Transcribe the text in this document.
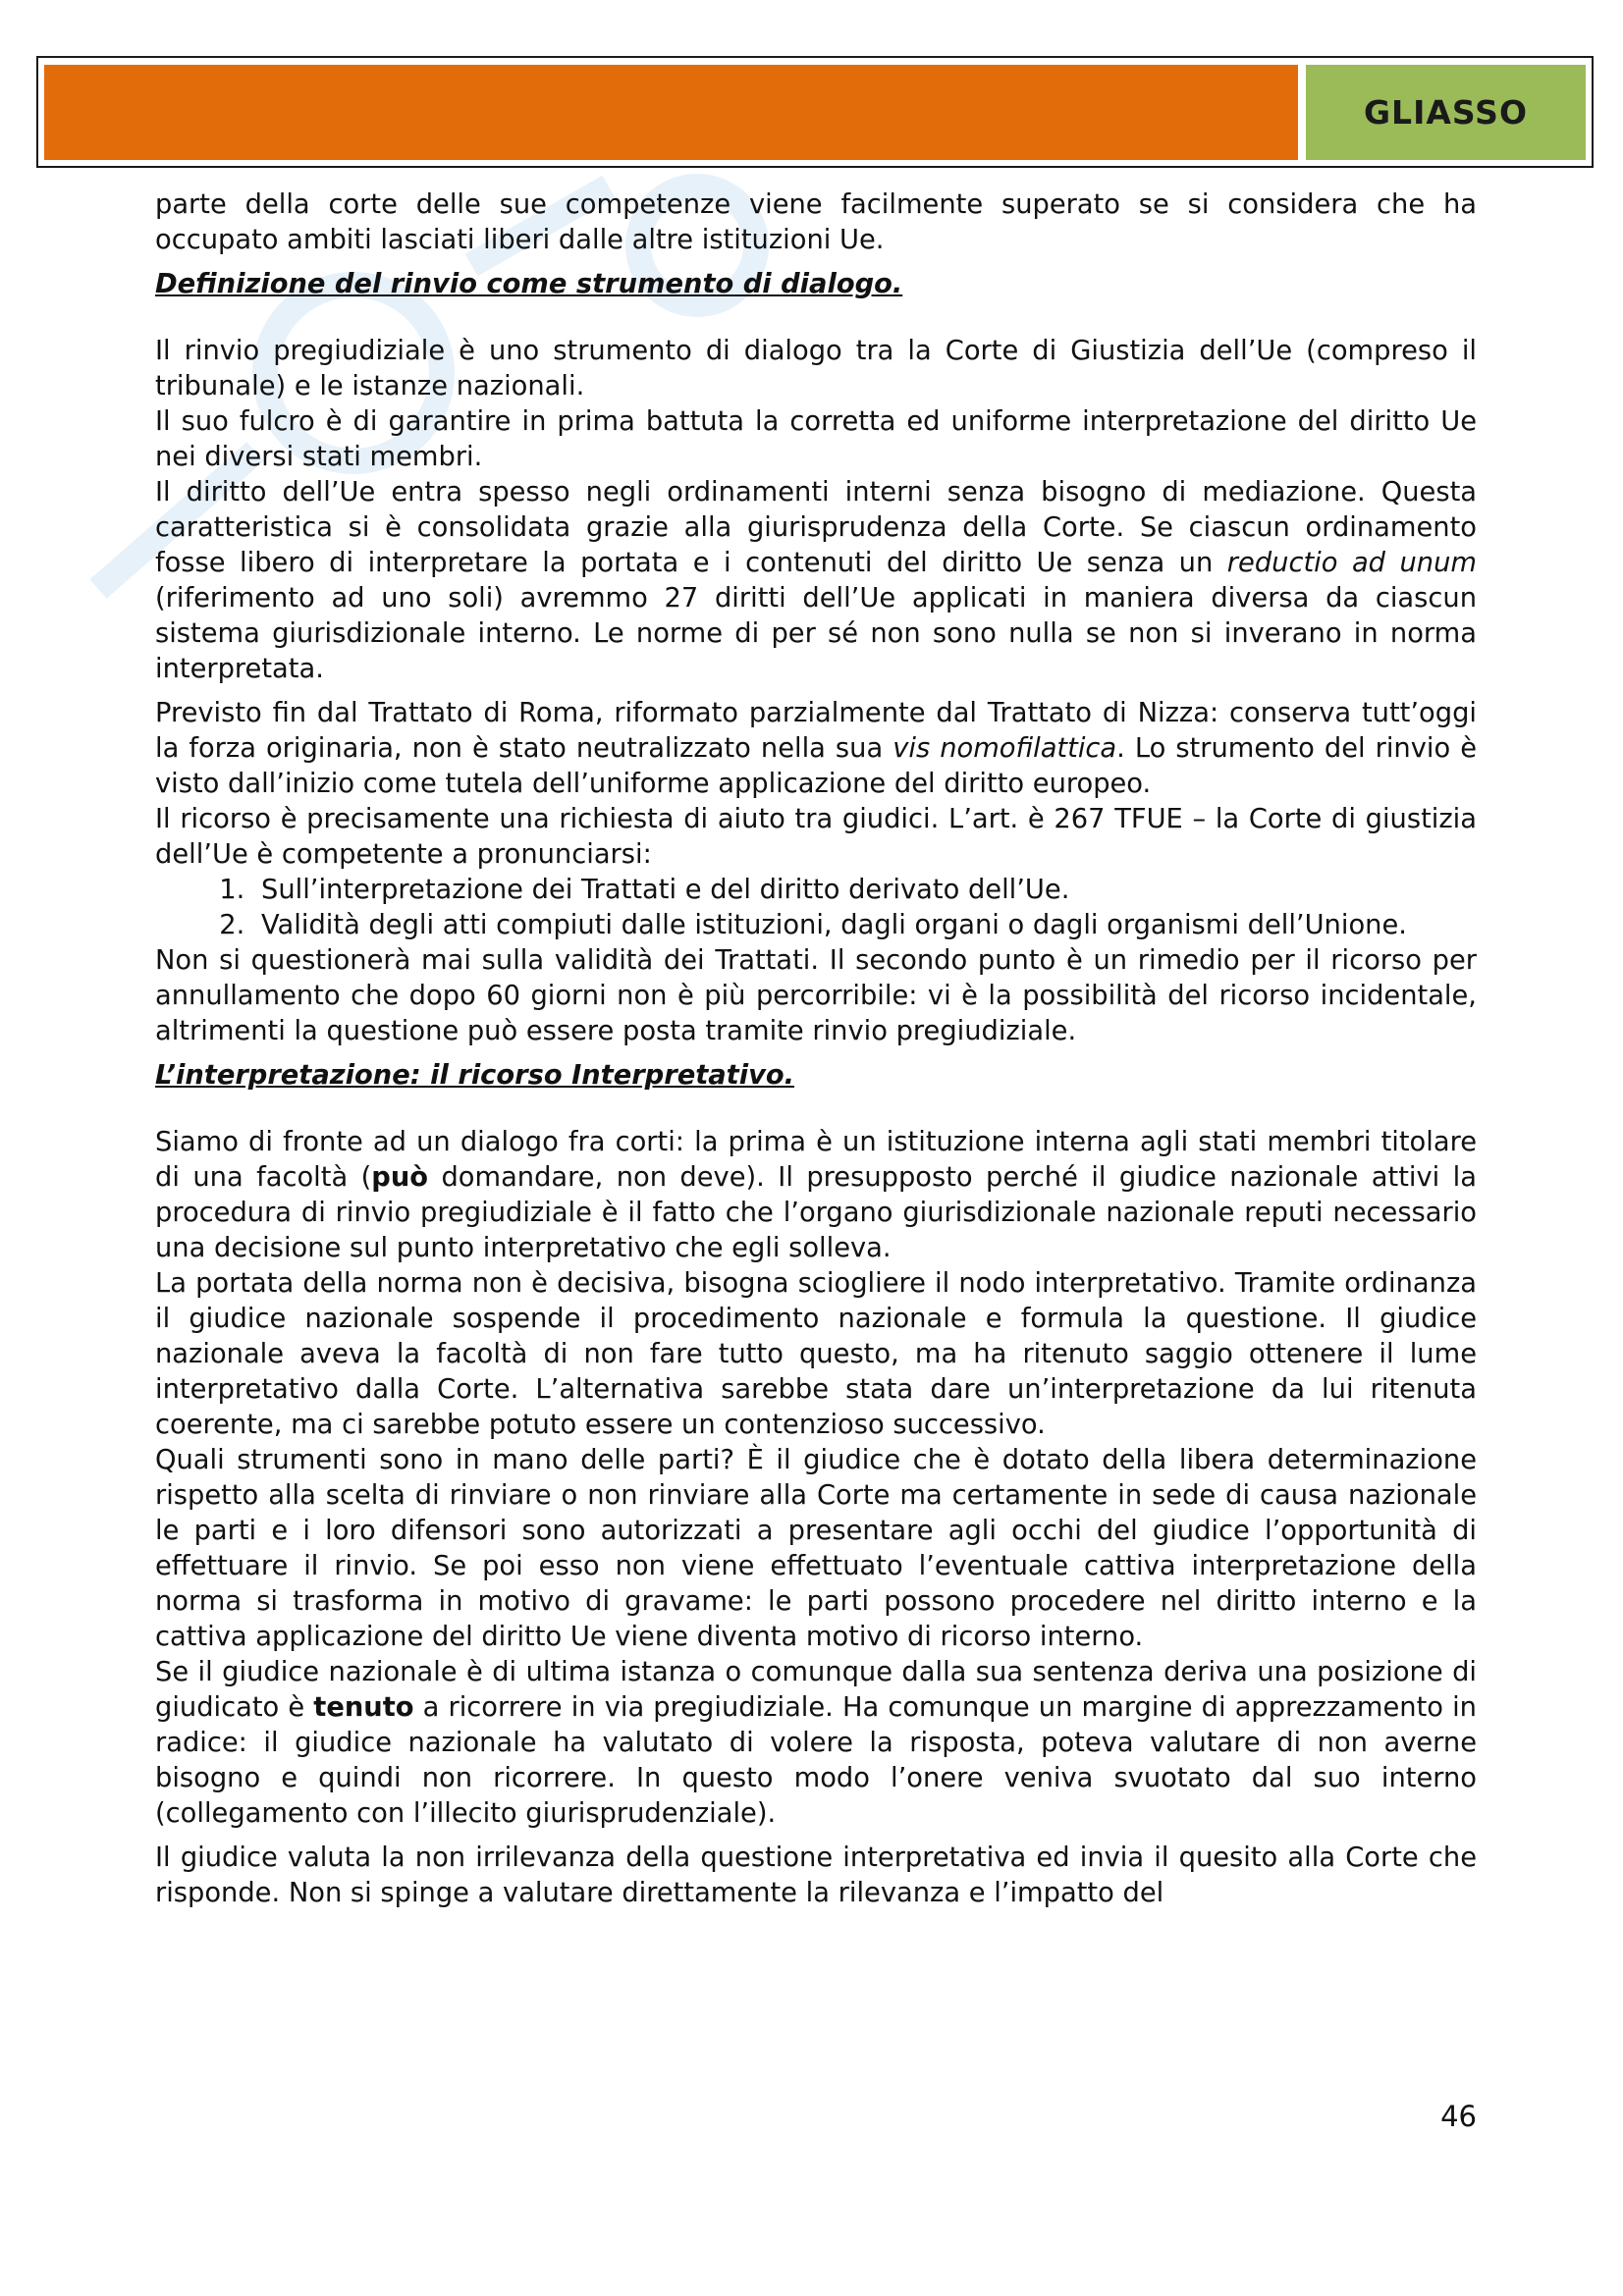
GLIASSO

parte della corte delle sue competenze viene facilmente superato se si considera che ha occupato ambiti lasciati liberi dalle altre istituzioni Ue.

Definizione del rinvio come strumento di dialogo.

Il rinvio pregiudiziale è uno strumento di dialogo tra la Corte di Giustizia dell’Ue (compreso il tribunale) e le istanze nazionali.

Il suo fulcro è di garantire in prima battuta la corretta ed uniforme interpretazione del diritto Ue nei diversi stati membri.

Il diritto dell’Ue entra spesso negli ordinamenti interni senza bisogno di mediazione. Questa caratteristica si è consolidata grazie alla giurisprudenza della Corte. Se ciascun ordinamento fosse libero di interpretare la portata e i contenuti del diritto Ue senza un reductio ad unum (riferimento ad uno soli) avremmo 27 diritti dell’Ue applicati in maniera diversa da ciascun sistema giurisdizionale interno. Le norme di per sé non sono nulla se non si inverano in norma interpretata.

Previsto fin dal Trattato di Roma, riformato parzialmente dal Trattato di Nizza: conserva tutt’oggi la forza originaria, non è stato neutralizzato nella sua vis nomofilattica. Lo strumento del rinvio è visto dall’inizio come tutela dell’uniforme applicazione del diritto europeo.

Il ricorso è precisamente una richiesta di aiuto tra giudici. L’art. è 267 TFUE – la Corte di giustizia dell’Ue è competente a pronunciarsi:

1. Sull’interpretazione dei Trattati e del diritto derivato dell’Ue.
2. Validità degli atti compiuti dalle istituzioni, dagli organi o dagli organismi dell’Unione.

Non si questionerà mai sulla validità dei Trattati. Il secondo punto è un rimedio per il ricorso per annullamento che dopo 60 giorni non è più percorribile: vi è la possibilità del ricorso incidentale, altrimenti la questione può essere posta tramite rinvio pregiudiziale.

L’interpretazione: il ricorso Interpretativo.

Siamo di fronte ad un dialogo fra corti: la prima è un istituzione interna agli stati membri titolare di una facoltà (può domandare, non deve). Il presupposto perché il giudice nazionale attivi la procedura di rinvio pregiudiziale è il fatto che l’organo giurisdizionale nazionale reputi necessario una decisione sul punto interpretativo che egli solleva.

La portata della norma non è decisiva, bisogna sciogliere il nodo interpretativo. Tramite ordinanza il giudice nazionale sospende il procedimento nazionale e formula la questione. Il giudice nazionale aveva la facoltà di non fare tutto questo, ma ha ritenuto saggio ottenere il lume interpretativo dalla Corte. L’alternativa sarebbe stata dare un’interpretazione da lui ritenuta coerente, ma ci sarebbe potuto essere un contenzioso successivo.

Quali strumenti sono in mano delle parti? È il giudice che è dotato della libera determinazione rispetto alla scelta di rinviare o non rinviare alla Corte ma certamente in sede di causa nazionale le parti e i loro difensori sono autorizzati a presentare agli occhi del giudice l’opportunità di effettuare il rinvio. Se poi esso non viene effettuato l’eventuale cattiva interpretazione della norma si trasforma in motivo di gravame: le parti possono procedere nel diritto interno e la cattiva applicazione del diritto Ue viene diventa motivo di ricorso interno.

Se il giudice nazionale è di ultima istanza o comunque dalla sua sentenza deriva una posizione di giudicato è tenuto a ricorrere in via pregiudiziale. Ha comunque un margine di apprezzamento in radice: il giudice nazionale ha valutato di volere la risposta, poteva valutare di non averne bisogno e quindi non ricorrere. In questo modo l’onere veniva svuotato dal suo interno (collegamento con l’illecito giurisprudenziale).

Il giudice valuta la non irrilevanza della questione interpretativa ed invia il quesito alla Corte che risponde. Non si spinge a valutare direttamente la rilevanza e l’impatto del

46
